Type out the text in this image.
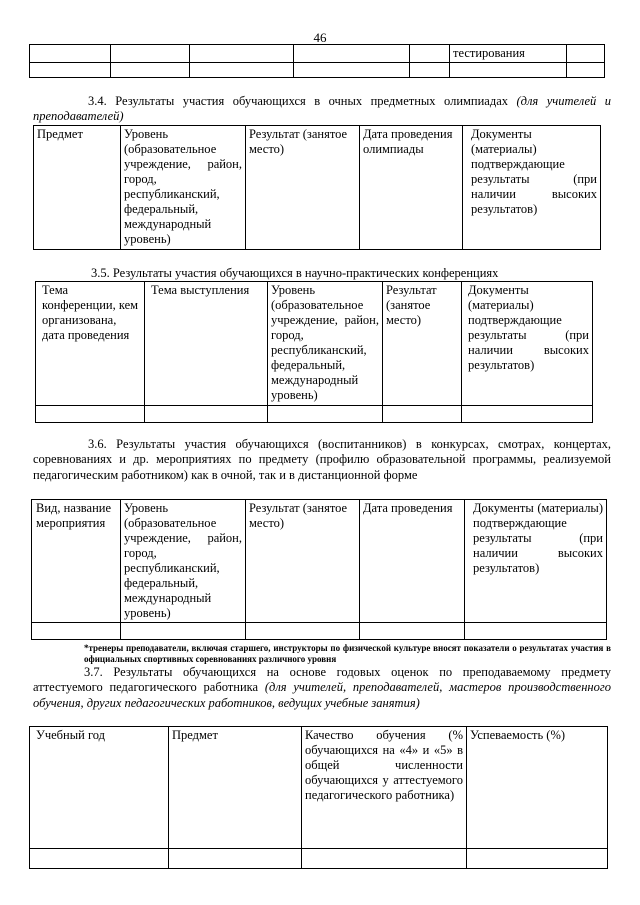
46
					тестирования	

3.4. Результаты участия обучающихся в очных предметных олимпиадах (для учителей и преподавателей)
Предмет	Уровень (образовательное учреждение, район, город, республиканский, федеральный, международный уровень)	Результат (занятое место)	Дата проведения олимпиады	Документы (материалы) подтверждающие результаты (при наличии высоких результатов)
3.5. Результаты участия обучающихся в научно-практических конференциях
Тема конференции, кем организована, дата проведения	Тема выступления	Уровень (образовательное учреждение, район, город, республиканский, федеральный, международный уровень)	Результат (занятое место)	Документы (материалы) подтверждающие результаты (при наличии высоких результатов)

3.6. Результаты участия обучающихся (воспитанников) в конкурсах, смотрах, концертах, соревнованиях и др. мероприятиях по предмету (профилю образовательной программы, реализуемой педагогическим работником) как в очной, так и в дистанционной форме
Вид, название мероприятия	Уровень (образовательное учреждение, район, город, республиканский, федеральный, международный уровень)	Результат (занятое место)	Дата проведения	Документы (материалы) подтверждающие результаты (при наличии высоких результатов)

*тренеры преподаватели, включая старшего, инструкторы по физической культуре вносят показатели о результатах участия в официальных спортивных соревнованиях различного уровня
3.7. Результаты обучающихся на основе годовых оценок по преподаваемому предмету аттестуемого педагогического работника (для учителей, преподавателей, мастеров производственного обучения, других педагогических работников, ведущих учебные занятия)
Учебный год	Предмет	Качество обучения (% обучающихся на «4» и «5» в общей численности обучающихся у аттестуемого педагогического работника)	Успеваемость (%)
